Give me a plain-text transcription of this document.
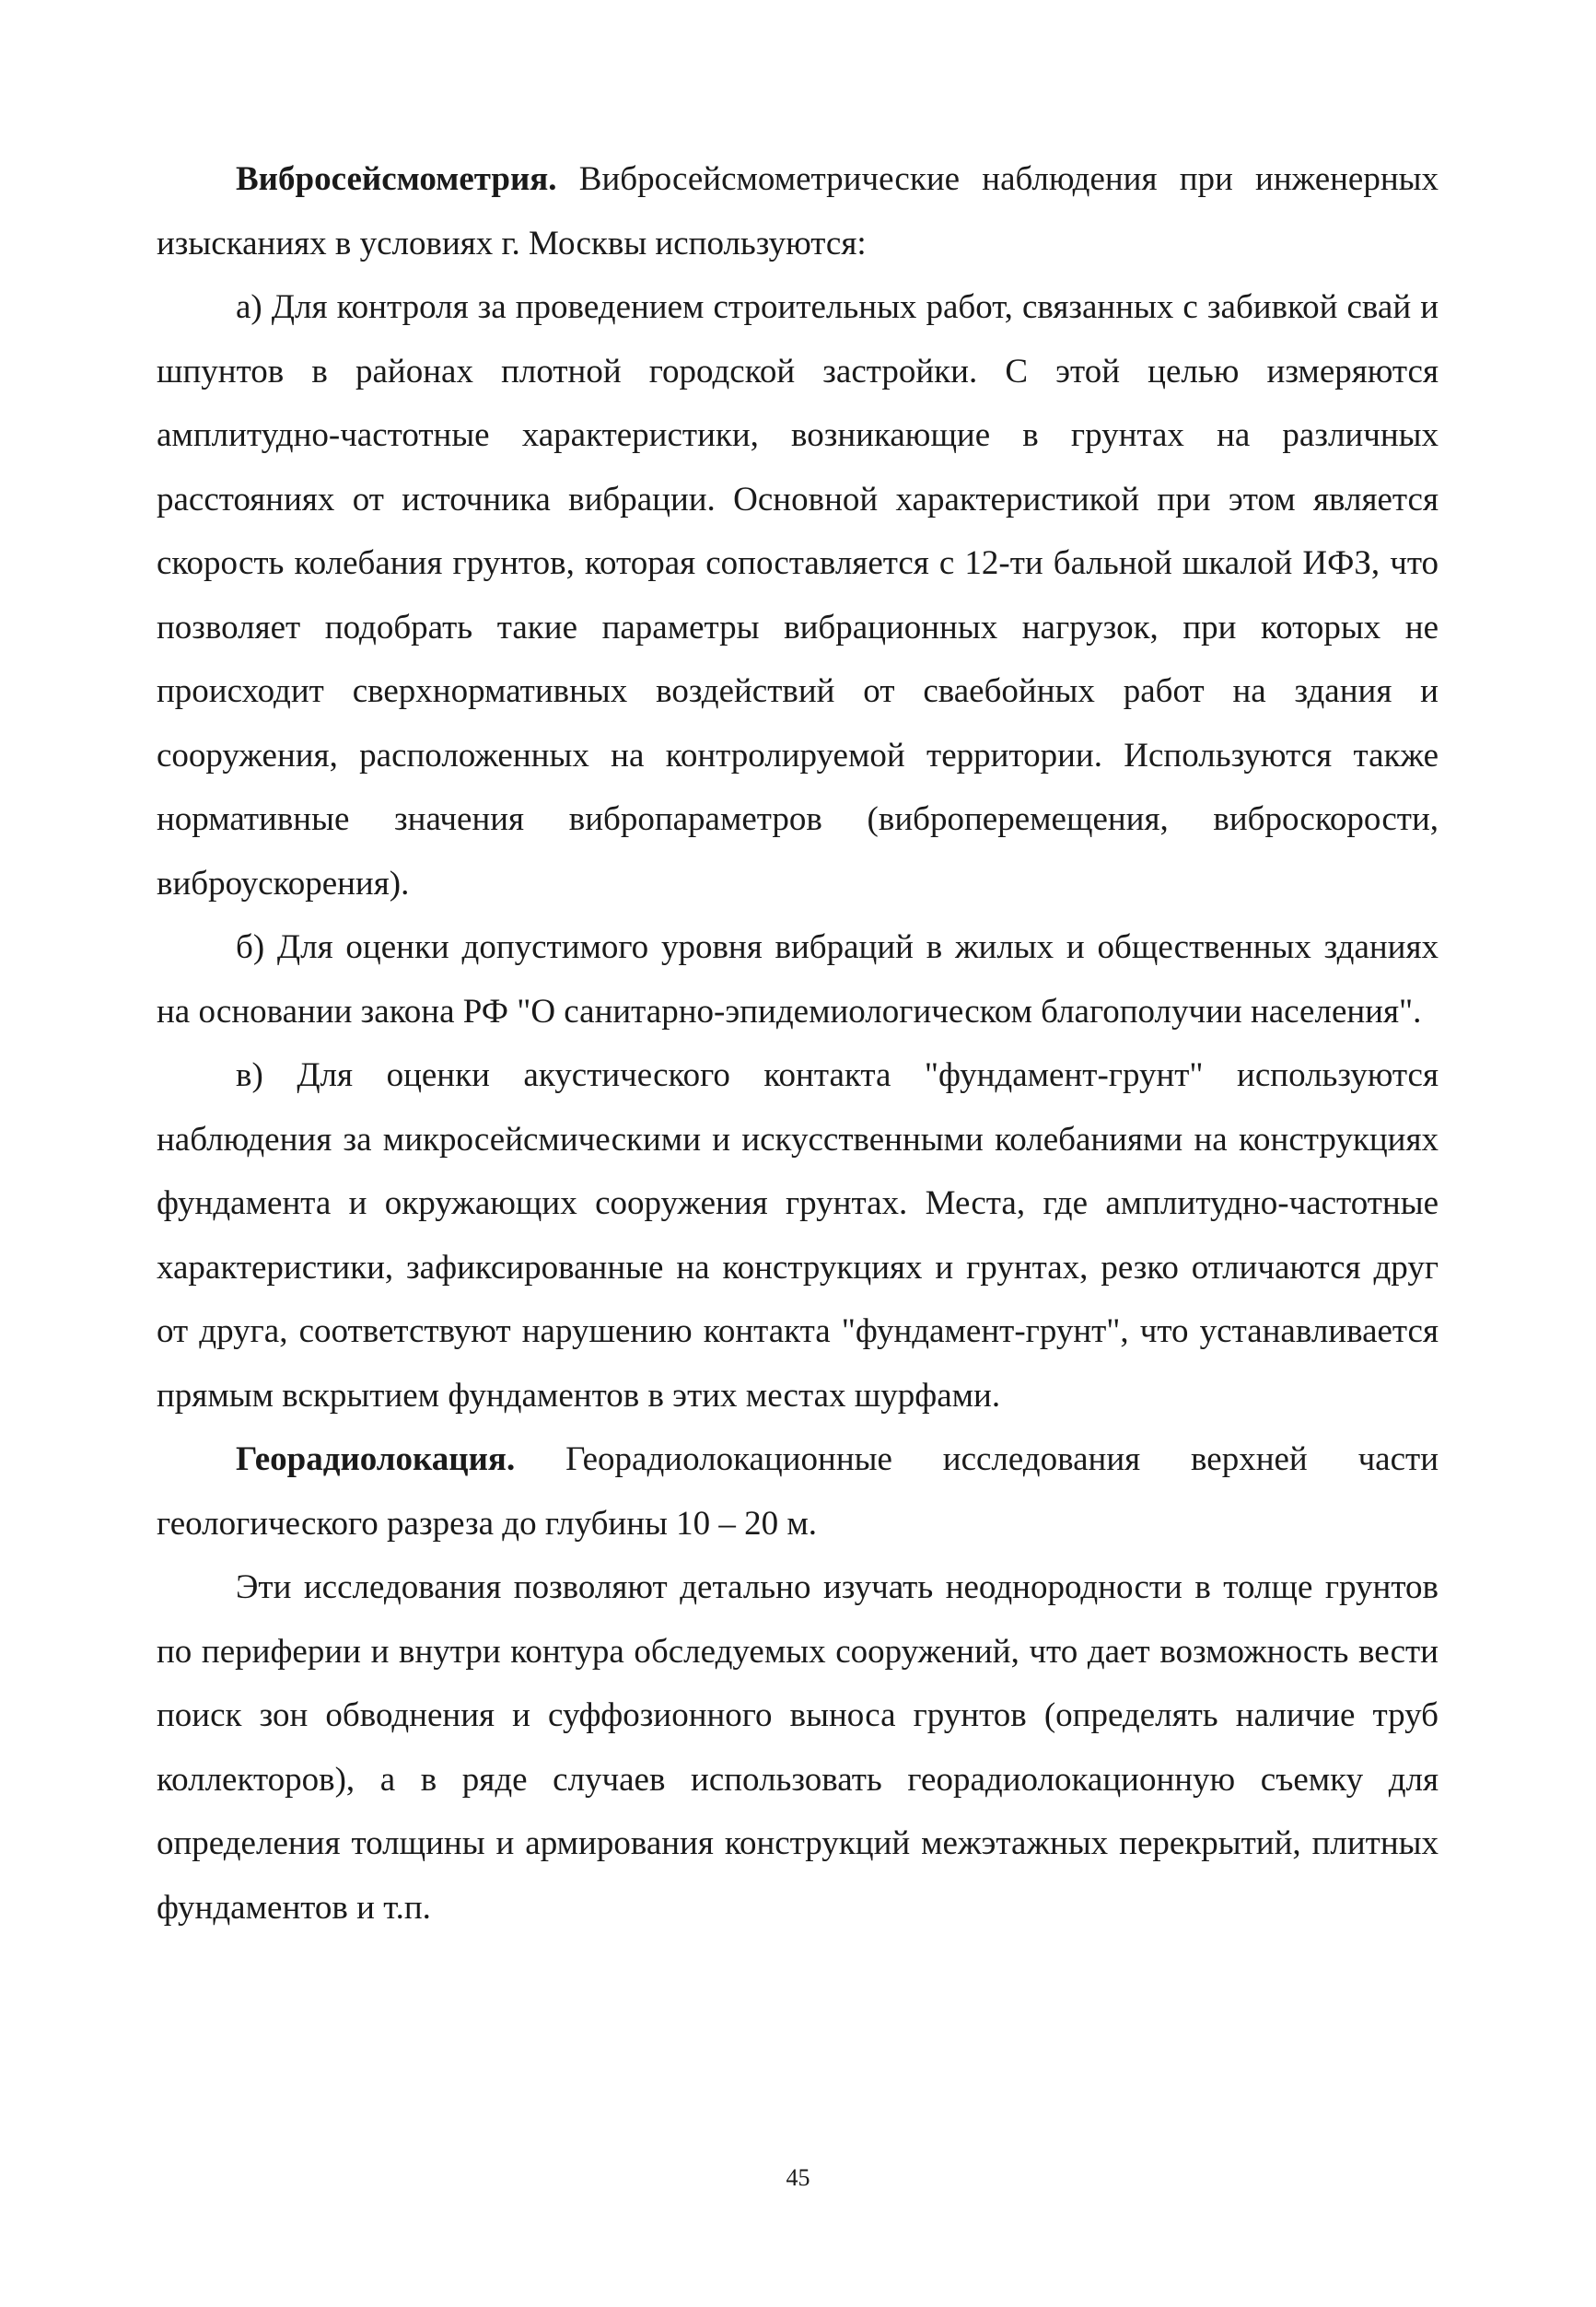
Вибросейсмометрия. Вибросейсмометрические наблюдения при инженерных изысканиях в условиях г. Москвы используются:

а) Для контроля за проведением строительных работ, связанных с забивкой свай и шпунтов в районах плотной городской застройки. С этой целью измеряются амплитудно-частотные характеристики, возникающие в грунтах на различных расстояниях от источника вибрации. Основной характеристикой при этом является скорость колебания грунтов, которая сопоставляется с 12-ти бальной шкалой ИФЗ, что позволяет подобрать такие параметры вибрационных нагрузок, при которых не происходит сверхнормативных воздействий от сваебойных работ на здания и сооружения, расположенных на контролируемой территории. Используются также нормативные значения вибропараметров (виброперемещения, виброскорости, виброускорения).

б) Для оценки допустимого уровня вибраций в жилых и общественных зданиях на основании закона РФ "О санитарно-эпидемиологическом благополучии населения".

в) Для оценки акустического контакта "фундамент-грунт" используются наблюдения за микросейсмическими и искусственными колебаниями на конструкциях фундамента и окружающих сооружения грунтах. Места, где амплитудно-частотные характеристики, зафиксированные на конструкциях и грунтах, резко отличаются друг от друга, соответствуют нарушению контакта "фундамент-грунт", что устанавливается прямым вскрытием фундаментов в этих местах шурфами.

Георадиолокация. Георадиолокационные исследования верхней части геологического разреза до глубины 10 – 20 м.

Эти исследования позволяют детально изучать неоднородности в толще грунтов по периферии и внутри контура обследуемых сооружений, что дает возможность вести поиск зон обводнения и суффозионного выноса грунтов (определять наличие труб коллекторов), а в ряде случаев использовать георадиолокационную съемку для определения толщины и армирования конструкций межэтажных перекрытий, плитных фундаментов и т.п.

45
